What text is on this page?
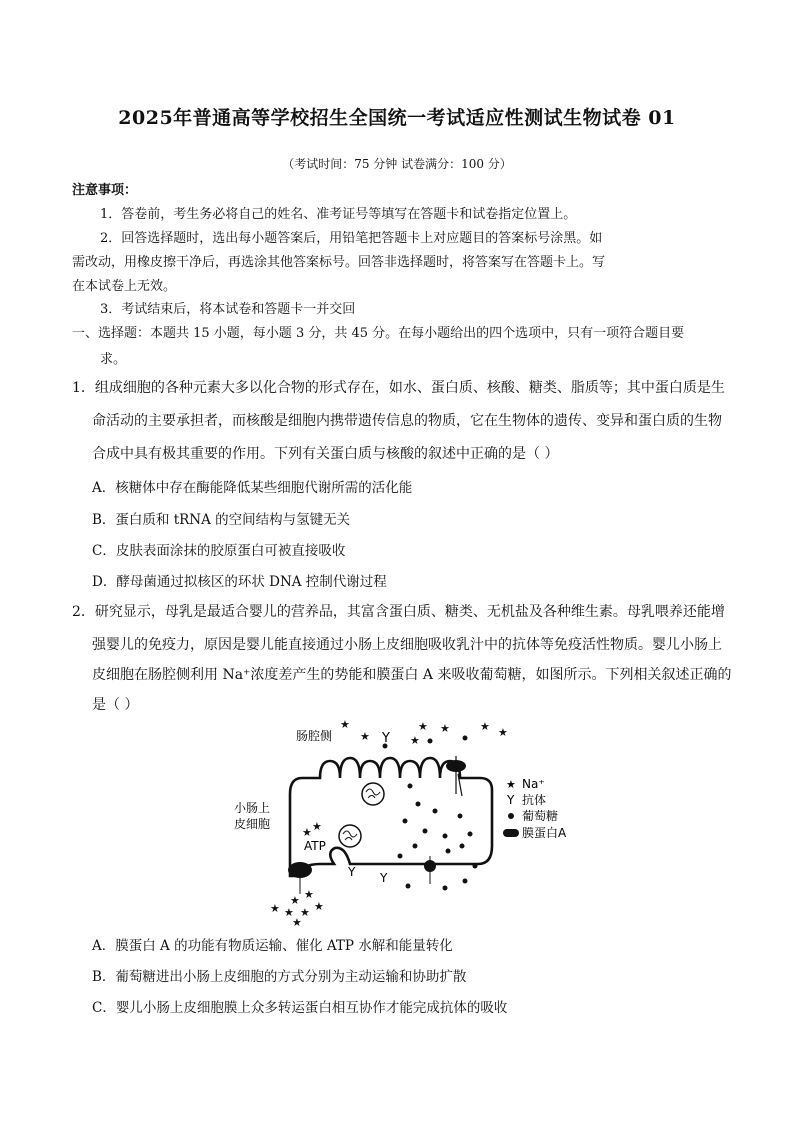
2025年普通高等学校招生全国统一考试适应性测试生物试卷 01
（考试时间：75 分钟 试卷满分：100 分）
注意事项：
1．答卷前，考生务必将自己的姓名、准考证号等填写在答题卡和试卷指定位置上。
2．回答选择题时，选出每小题答案后，用铅笔把答题卡上对应题目的答案标号涂黑。如
需改动，用橡皮擦干净后，再选涂其他答案标号。回答非选择题时，将答案写在答题卡上。写
在本试卷上无效。
3．考试结束后，将本试卷和答题卡一并交回
一、选择题：本题共 15 小题，每小题 3 分，共 45 分。在每小题给出的四个选项中，只有一项符合题目要
求。
1．组成细胞的各种元素大多以化合物的形式存在，如水、蛋白质、核酸、糖类、脂质等；其中蛋白质是生
命活动的主要承担者，而核酸是细胞内携带遗传信息的物质，它在生物体的遗传、变异和蛋白质的生物
合成中具有极其重要的作用。下列有关蛋白质与核酸的叙述中正确的是（ ）
A．核糖体中存在酶能降低某些细胞代谢所需的活化能
B．蛋白质和 tRNA 的空间结构与氢键无关
C．皮肤表面涂抹的胶原蛋白可被直接吸收
D．酵母菌通过拟核区的环状 DNA 控制代谢过程
2．研究显示，母乳是最适合婴儿的营养品，其富含蛋白质、糖类、无机盐及各种维生素。母乳喂养还能增
强婴儿的免疫力，原因是婴儿能直接通过小肠上皮细胞吸收乳汁中的抗体等免疫活性物质。婴儿小肠上
皮细胞在肠腔侧利用 Na⁺浓度差产生的势能和膜蛋白 A 来吸收葡萄糖，如图所示。下列相关叙述正确的
是（ ）
★
★	★
★	★ ★
★
★ ★
★ ★
★ ★ ★
★
★
Y
Y Y
肠腔侧
小肠上
皮细胞
ATP
★ Na⁺
Y 抗体
葡萄糖
膜蛋白A
A．膜蛋白 A 的功能有物质运输、催化 ATP 水解和能量转化
B．葡萄糖进出小肠上皮细胞的方式分别为主动运输和协助扩散
C．婴儿小肠上皮细胞膜上众多转运蛋白相互协作才能完成抗体的吸收
